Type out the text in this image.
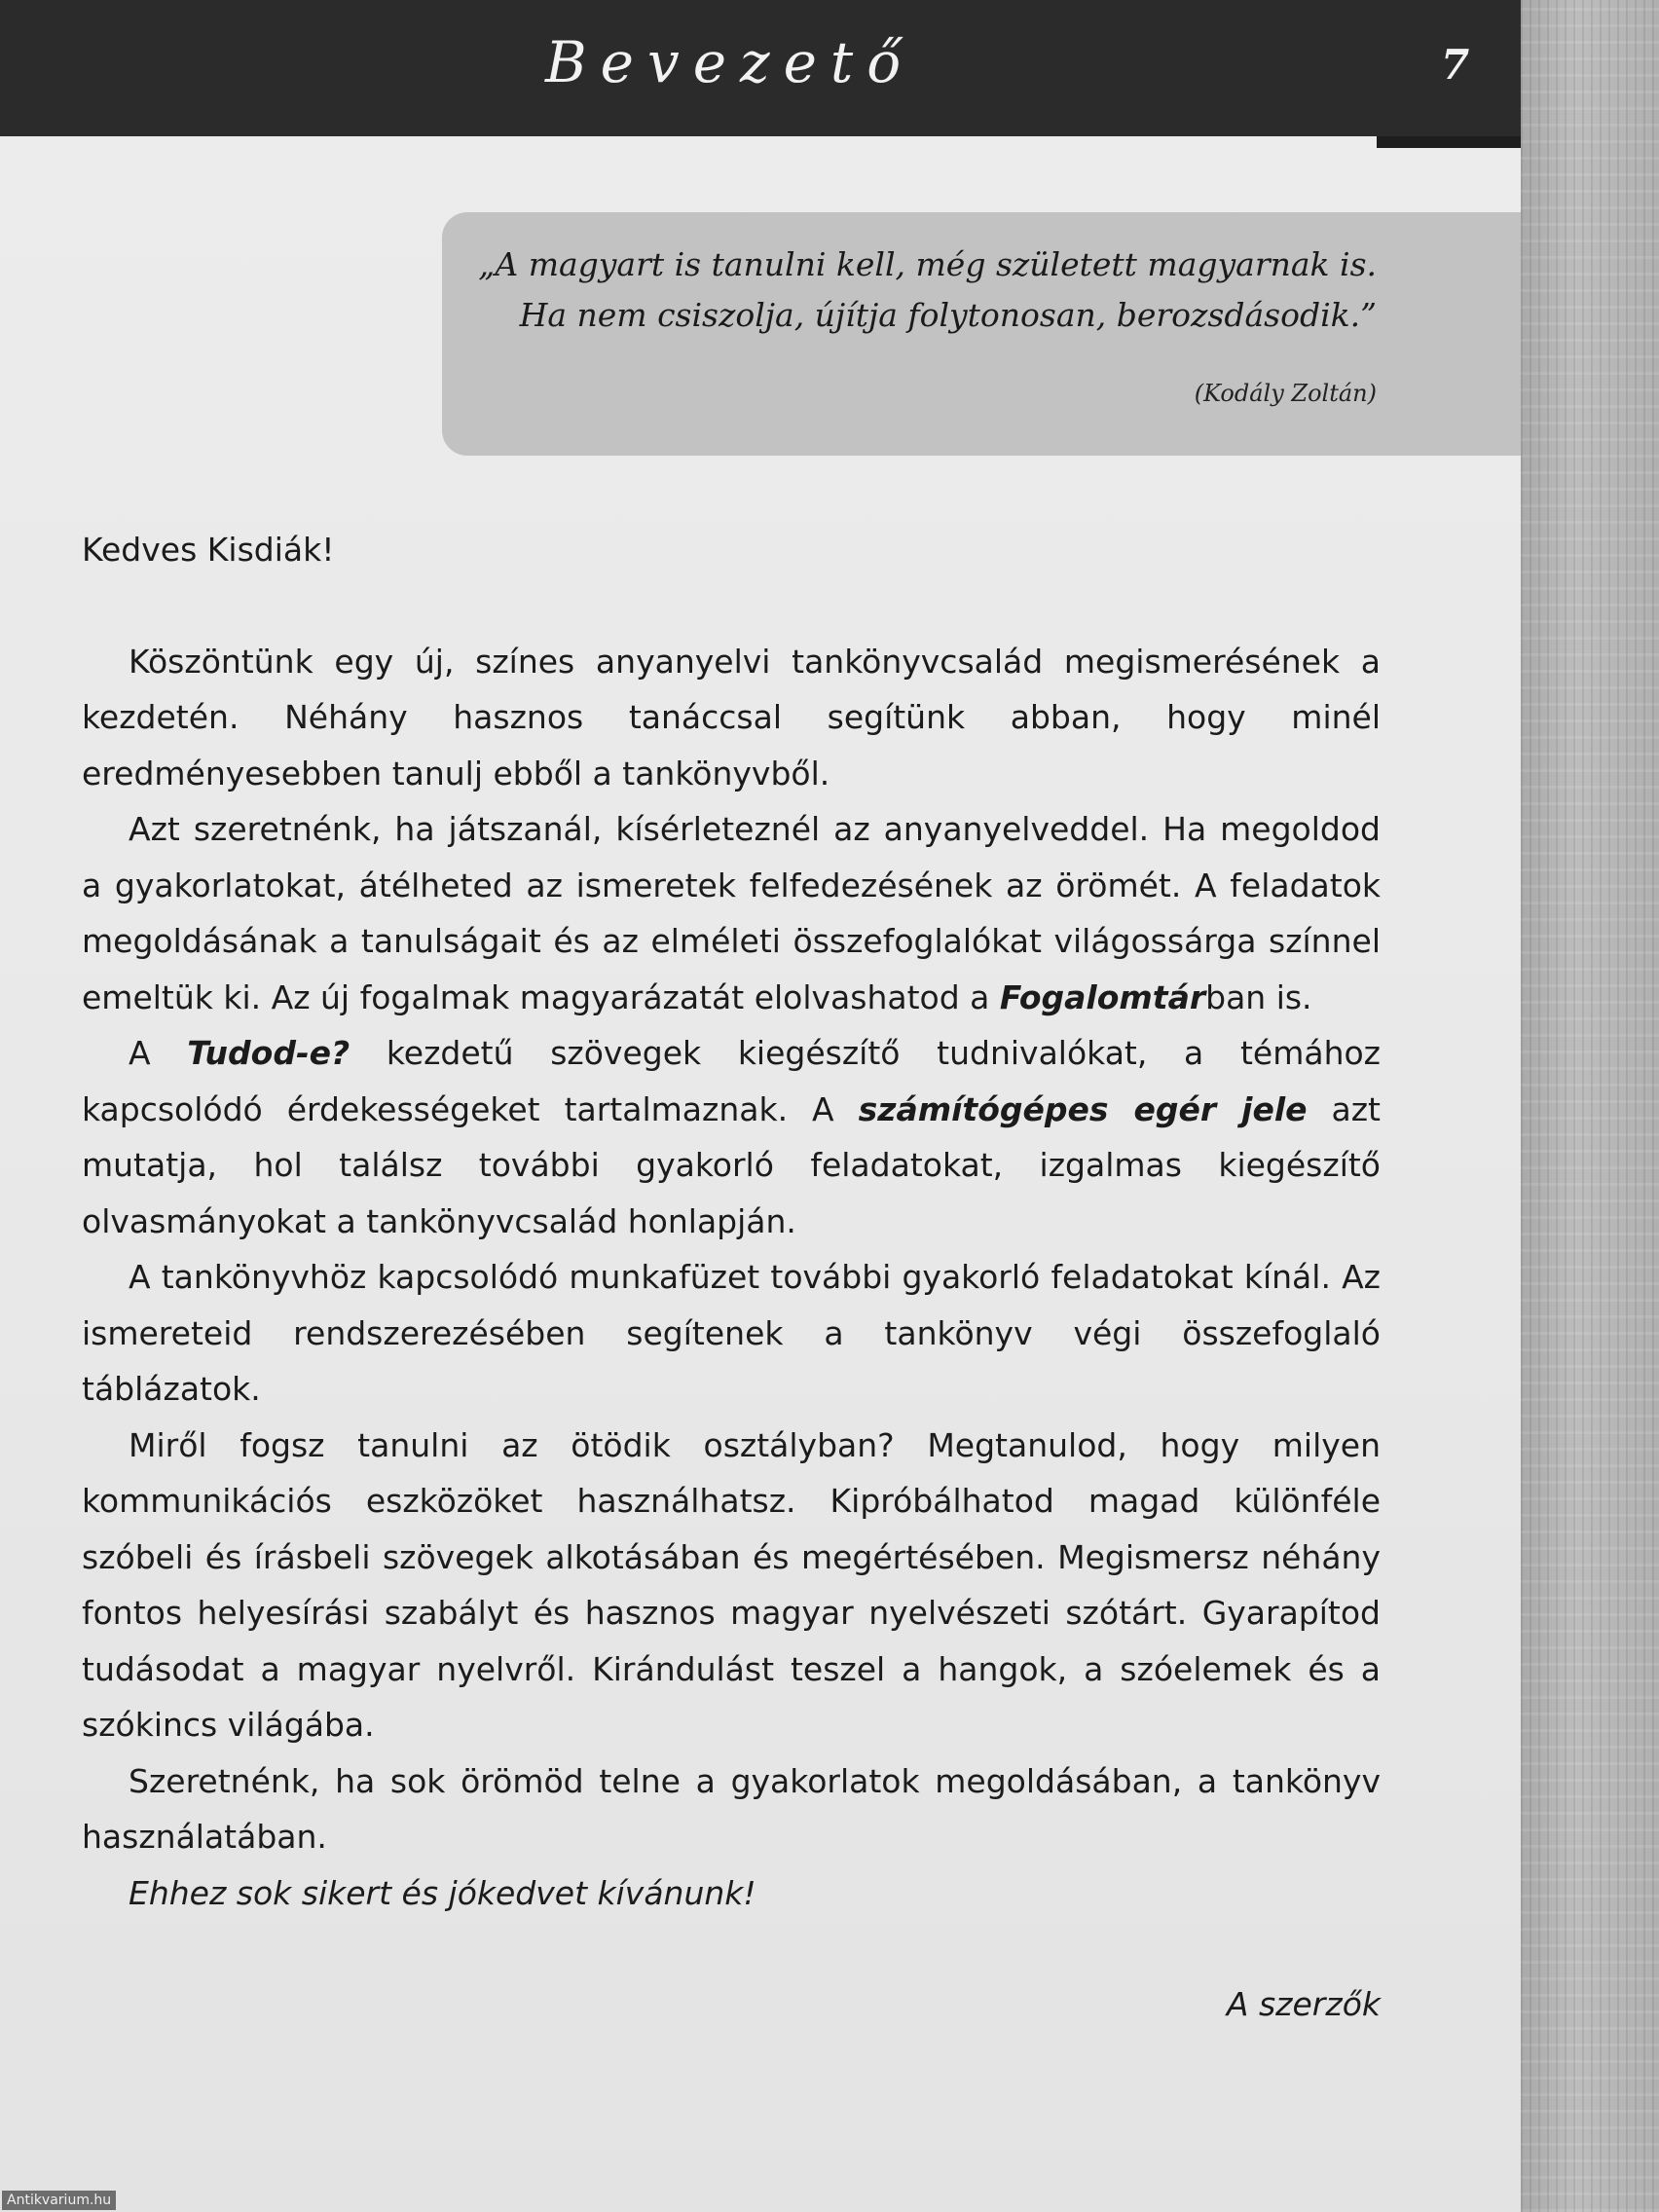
Bevezető	7
„A magyart is tanulni kell, még született magyarnak is.
Ha nem csiszolja, újítja folytonosan, berozsdásodik.”
(Kodály Zoltán)

Kedves Kisdiák!

Köszöntünk egy új, színes anyanyelvi tankönyvcsalád megismerésének a kezdetén. Néhány hasznos tanáccsal segítünk abban, hogy minél eredményesebben tanulj ebből a tankönyvből.

Azt szeretnénk, ha játszanál, kísérleteznél az anyanyelveddel. Ha megoldod a gyakorlatokat, átélheted az ismeretek felfedezésének az örömét. A feladatok megoldásának a tanulságait és az elméleti összefoglalókat világossárga színnel emeltük ki. Az új fogalmak magyarázatát elolvashatod a Fogalomtárban is.

A Tudod-e? kezdetű szövegek kiegészítő tudnivalókat, a témához kapcsolódó érdekességeket tartalmaznak. A számítógépes egér jele azt mutatja, hol találsz további gyakorló feladatokat, izgalmas kiegészítő olvasmányokat a tankönyvcsalád honlapján.

A tankönyvhöz kapcsolódó munkafüzet további gyakorló feladatokat kínál. Az ismereteid rendszerezésében segítenek a tankönyv végi összefoglaló táblázatok.

Miről fogsz tanulni az ötödik osztályban? Megtanulod, hogy milyen kommunikációs eszközöket használhatsz. Kipróbálhatod magad különféle szóbeli és írásbeli szövegek alkotásában és megértésében. Megismersz néhány fontos helyesírási szabályt és hasznos magyar nyelvészeti szótárt. Gyarapítod tudásodat a magyar nyelvről. Kirándulást teszel a hangok, a szóelemek és a szókincs világába.

Szeretnénk, ha sok örömöd telne a gyakorlatok megoldásában, a tankönyv használatában.

Ehhez sok sikert és jókedvet kívánunk!

A szerzők

Antikvarium.hu
